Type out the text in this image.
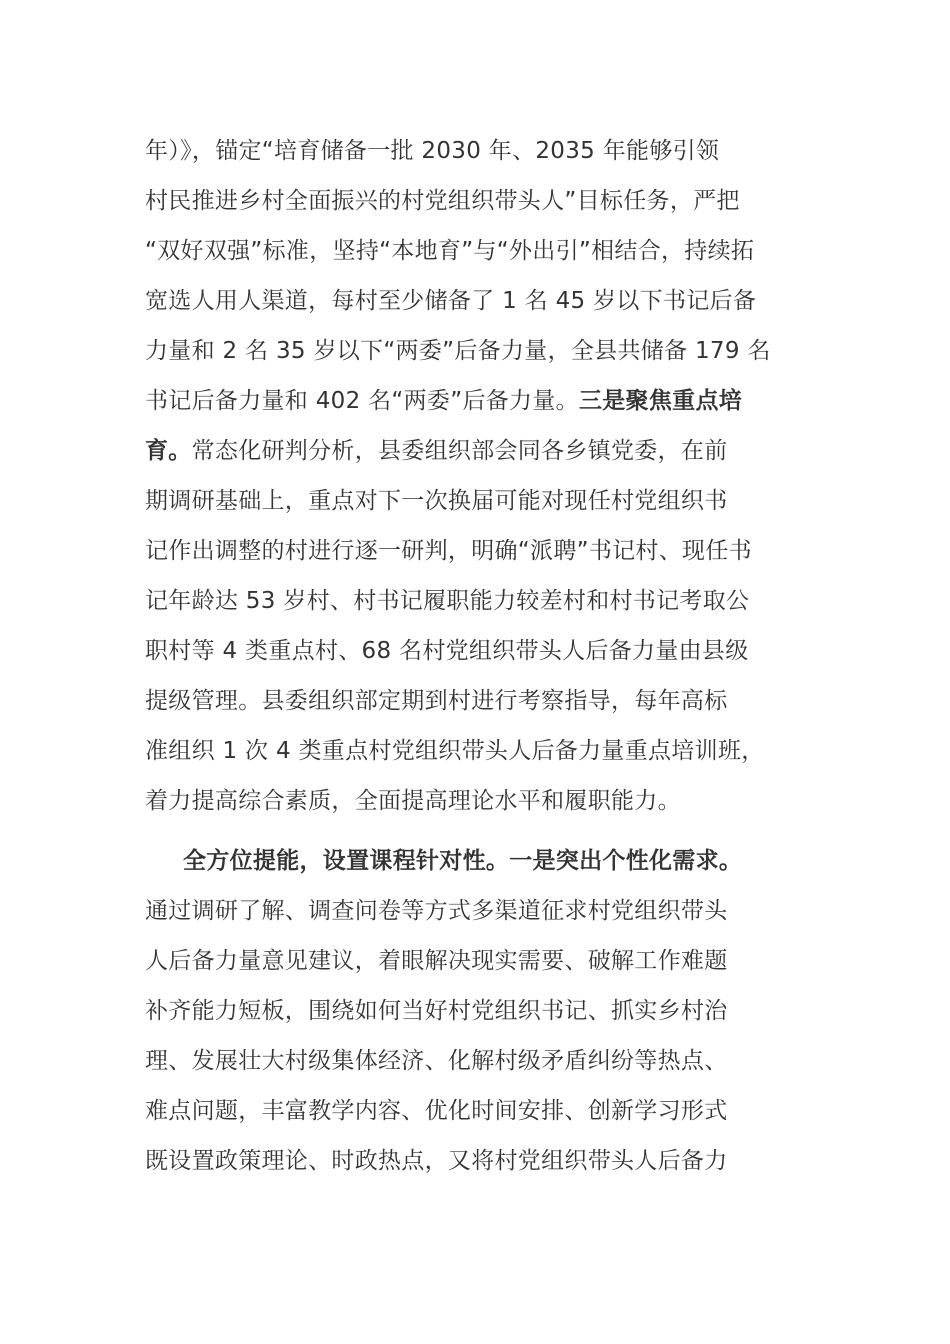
年）》，锚定“培育储备一批 2030 年、2035 年能够引领
村民推进乡村全面振兴的村党组织带头人”目标任务，严把
“双好双强”标准，坚持“本地育”与“外出引”相结合，持续拓
宽选人用人渠道，每村至少储备了 1 名 45 岁以下书记后备
力量和 2 名 35 岁以下“两委”后备力量，全县共储备 179 名
书记后备力量和 402 名“两委”后备力量。三是聚焦重点培
育。常态化研判分析，县委组织部会同各乡镇党委，在前
期调研基础上，重点对下一次换届可能对现任村党组织书
记作出调整的村进行逐一研判，明确“派聘”书记村、现任书
记年龄达 53 岁村、村书记履职能力较差村和村书记考取公
职村等 4 类重点村、68 名村党组织带头人后备力量由县级
提级管理。县委组织部定期到村进行考察指导，每年高标
准组织 1 次 4 类重点村党组织带头人后备力量重点培训班，
着力提高综合素质，全面提高理论水平和履职能力。
全方位提能，设置课程针对性。一是突出个性化需求。
通过调研了解、调查问卷等方式多渠道征求村党组织带头
人后备力量意见建议，着眼解决现实需要、破解工作难题
补齐能力短板，围绕如何当好村党组织书记、抓实乡村治
理、发展壮大村级集体经济、化解村级矛盾纠纷等热点、
难点问题，丰富教学内容、优化时间安排、创新学习形式
既设置政策理论、时政热点，又将村党组织带头人后备力
